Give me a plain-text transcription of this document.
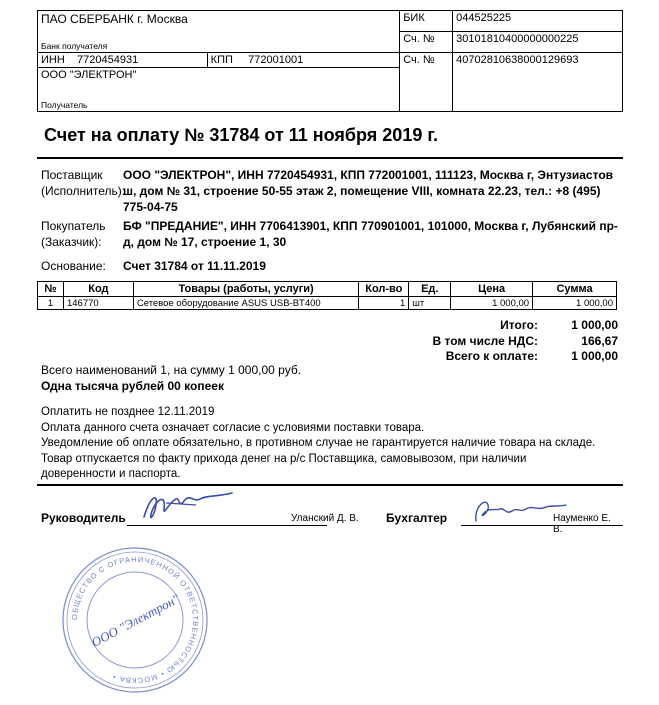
ПАО СБЕРБАНК г. Москва
Банк получателя		БИК	044525225
		Сч. №	30101810400000000225
ИНН 7720454931	КПП 772001001	Сч. №	40702810638000129693

ООО "ЭЛЕКТРОН"
Получатель			
Счет на оплату № 31784 от 11 ноября 2019 г.
Поставщик
(Исполнитель):
ООО "ЭЛЕКТРОН", ИНН 7720454931, КПП 772001001, 111123, Москва г, Энтузиастов ш, дом № 31, строение 50-55 этаж 2, помещение VIII, комната 22.23, тел.: +8 (495) 775-04-75
Покупатель
(Заказчик):
БФ "ПРЕДАНИЕ", ИНН 7706413901, КПП 770901001, 101000, Москва г, Лубянский пр-д, дом № 17, строение 1, 30
Основание:	Счет 31784 от 11.11.2019
№	Код	Товары (работы, услуги)	Кол-во	Ед.	Цена	Сумма
1	146770	Сетевое оборудование ASUS USB-BT400	1	шт	1 000,00	1 000,00
Итого:	1 000,00
В том числе НДС:	166,67
Всего к оплате:	1 000,00
Всего наименований 1, на сумму 1 000,00 руб.
Одна тысяча рублей 00 копеек
Оплатить не позднее 12.11.2019
Оплата данного счета означает согласие с условиями поставки товара.
Уведомление об оплате обязательно, в противном случае не гарантируется наличие товара на складе.
Товар отпускается по факту прихода денег на р/с Поставщика, самовывозом, при наличии доверенности и паспорта.
Руководитель	Уланский Д. В. Бухгалтер	Науменко Е. В.
ОБЩЕСТВО С ОГРАНИЧЕННОЙ ОТВЕТСТВЕННОСТЬЮ • МОСКВА •
ООО "Электрон"
